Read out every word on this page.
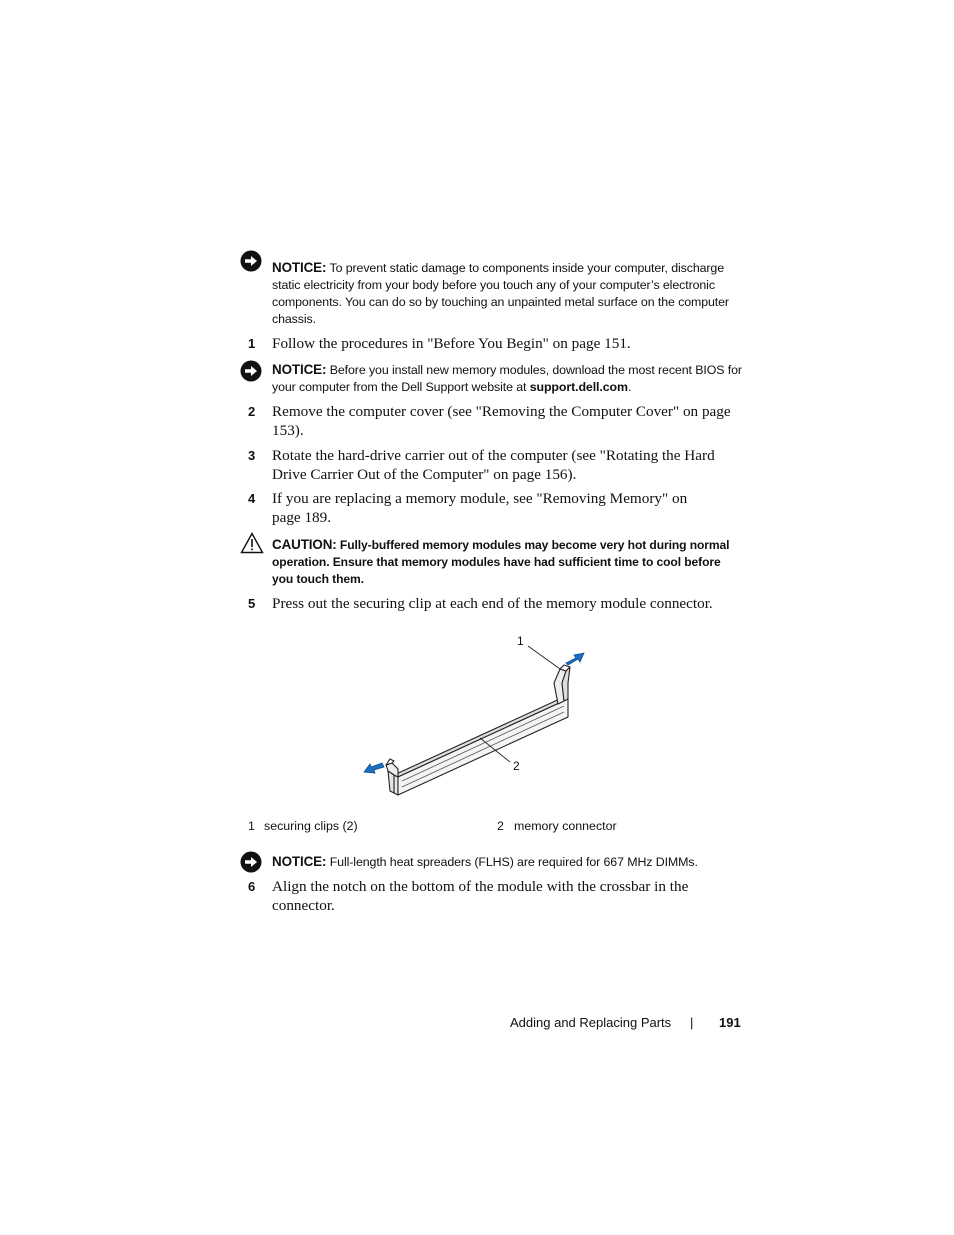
NOTICE: To prevent static damage to components inside your computer, discharge static electricity from your body before you touch any of your computer’s electronic components. You can do so by touching an unpainted metal surface on the computer chassis.
1	Follow the procedures in "Before You Begin" on page 151.
NOTICE: Before you install new memory modules, download the most recent BIOS for your computer from the Dell Support website at support.dell.com.
2	Remove the computer cover (see "Removing the Computer Cover" on page 153).
3	Rotate the hard-drive carrier out of the computer (see "Rotating the Hard Drive Carrier Out of the Computer" on page 156).
4	If you are replacing a memory module, see "Removing Memory" on page 189.
CAUTION: Fully-buffered memory modules may become very hot during normal operation. Ensure that memory modules have had sufficient time to cool before you touch them.
5	Press out the securing clip at each end of the memory module connector.
1
2
1 securing clips (2)	2 memory connector
NOTICE: Full-length heat spreaders (FLHS) are required for 667 MHz DIMMs.
6	Align the notch on the bottom of the module with the crossbar in the connector.
Adding and Replacing Parts | 191
